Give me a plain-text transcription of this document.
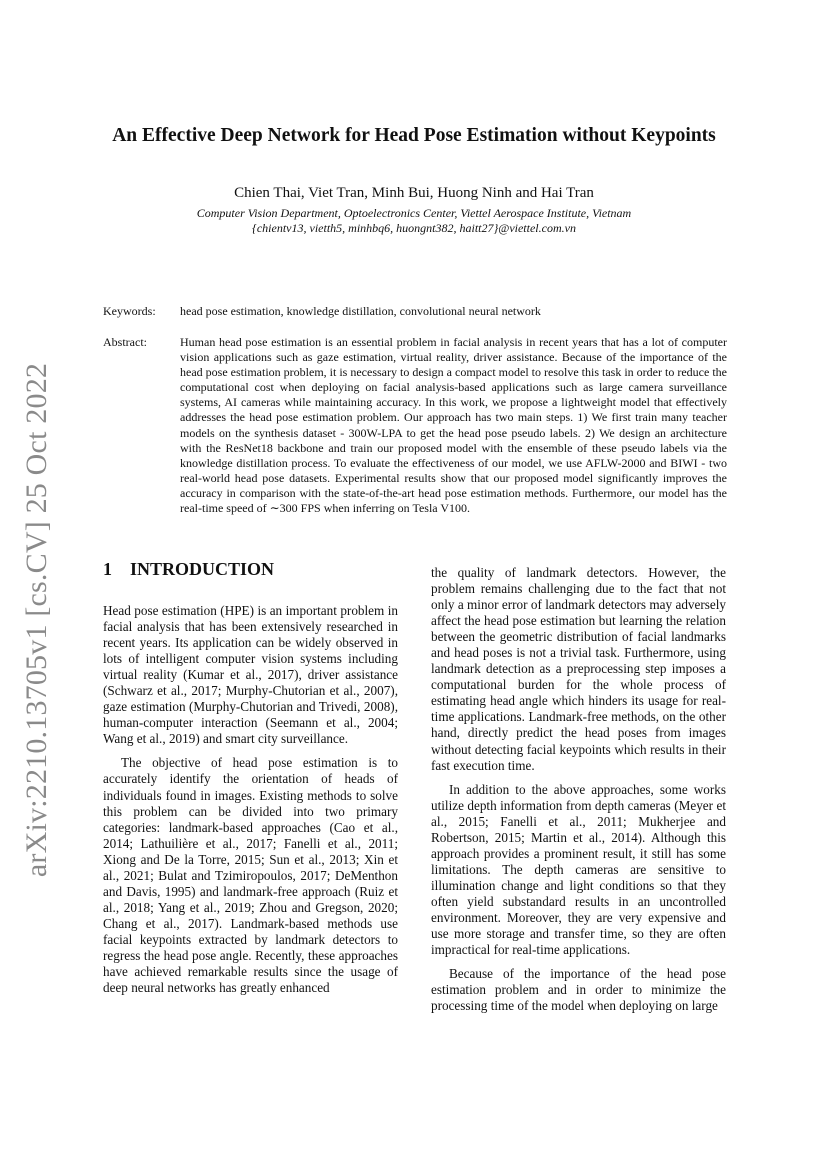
arXiv:2210.13705v1 [cs.CV] 25 Oct 2022
An Effective Deep Network for Head Pose Estimation without Keypoints
Chien Thai, Viet Tran, Minh Bui, Huong Ninh and Hai Tran
Computer Vision Department, Optoelectronics Center, Viettel Aerospace Institute, Vietnam
{chientv13, vietth5, minhbq6, huongnt382, haitt27}@viettel.com.vn
Keywords: head pose estimation, knowledge distillation, convolutional neural network

Abstract:	Human head pose estimation is an essential problem in facial analysis in recent years that has a lot of computer vision applications such as gaze estimation, virtual reality, driver assistance. Because of the importance of the head pose estimation problem, it is necessary to design a compact model to resolve this task in order to reduce the computational cost when deploying on facial analysis-based applications such as large camera surveillance systems, AI cameras while maintaining accuracy. In this work, we propose a lightweight model that effectively addresses the head pose estimation problem. Our approach has two main steps. 1) We first train many teacher models on the synthesis dataset - 300W-LPA to get the head pose pseudo labels. 2) We design an architecture with the ResNet18 backbone and train our proposed model with the ensemble of these pseudo labels via the knowledge distillation process. To evaluate the effectiveness of our model, we use AFLW-2000 and BIWI - two real-world head pose datasets. Experimental results show that our proposed model significantly improves the accuracy in comparison with the state-of-the-art head pose estimation methods. Furthermore, our model has the real-time speed of ∼300 FPS when inferring on Tesla V100.

1 INTRODUCTION

Head pose estimation (HPE) is an important problem in facial analysis that has been extensively researched in recent years. Its application can be widely observed in lots of intelligent computer vision systems including virtual reality (Kumar et al., 2017), driver assistance (Schwarz et al., 2017; Murphy-Chutorian et al., 2007), gaze estimation (Murphy-Chutorian and Trivedi, 2008), human-computer interaction (Seemann et al., 2004; Wang et al., 2019) and smart city surveillance.

The objective of head pose estimation is to accurately identify the orientation of heads of individuals found in images. Existing methods to solve this problem can be divided into two primary categories: landmark-based approaches (Cao et al., 2014; Lathuilière et al., 2017; Fanelli et al., 2011; Xiong and De la Torre, 2015; Sun et al., 2013; Xin et al., 2021; Bulat and Tzimiropoulos, 2017; DeMenthon and Davis, 1995) and landmark-free approach (Ruiz et al., 2018; Yang et al., 2019; Zhou and Gregson, 2020; Chang et al., 2017). Landmark-based methods use facial keypoints extracted by landmark detectors to regress the head pose angle. Recently, these approaches have achieved remarkable results since the usage of deep neural networks has greatly enhanced

the quality of landmark detectors. However, the problem remains challenging due to the fact that not only a minor error of landmark detectors may adversely affect the head pose estimation but learning the relation between the geometric distribution of facial landmarks and head poses is not a trivial task. Furthermore, using landmark detection as a preprocessing step imposes a computational burden for the whole process of estimating head angle which hinders its usage for real-time applications. Landmark-free methods, on the other hand, directly predict the head poses from images without detecting facial keypoints which results in their fast execution time.

In addition to the above approaches, some works utilize depth information from depth cameras (Meyer et al., 2015; Fanelli et al., 2011; Mukherjee and Robertson, 2015; Martin et al., 2014). Although this approach provides a prominent result, it still has some limitations. The depth cameras are sensitive to illumination change and light conditions so that they often yield substandard results in an uncontrolled environment. Moreover, they are very expensive and use more storage and transfer time, so they are often impractical for real-time applications.

Because of the importance of the head pose estimation problem and in order to minimize the processing time of the model when deploying on large
